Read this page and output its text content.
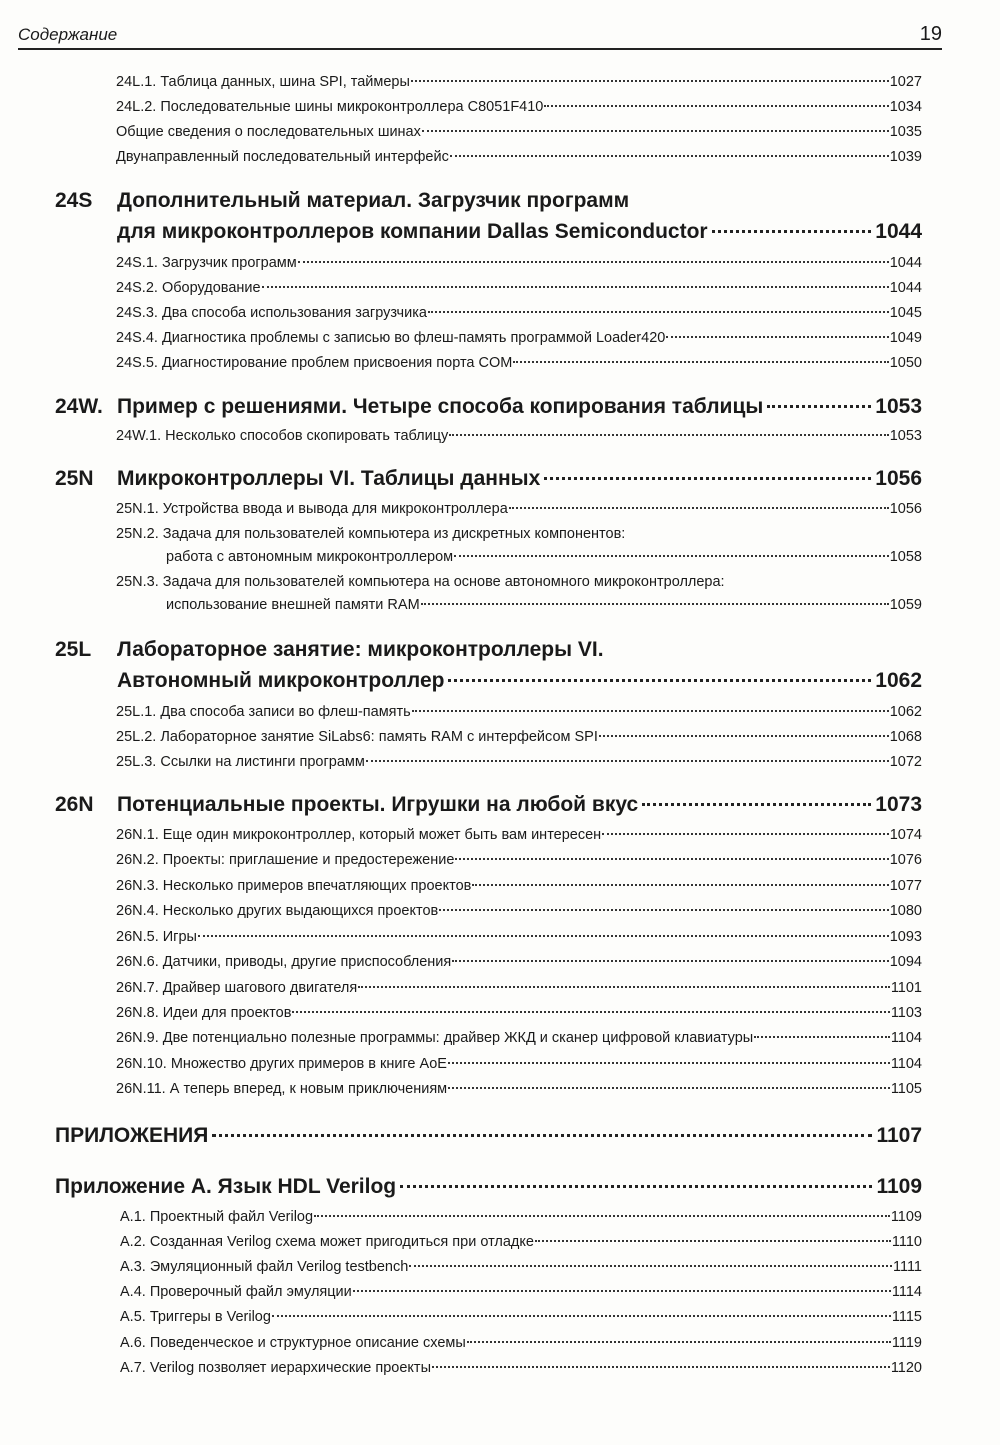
Содержание	19
24L.1. Таблица данных, шина SPI, таймеры	1027
24L.2. Последовательные шины микроконтроллера C8051F410	1034
Общие сведения о последовательных шинах	1035
Двунаправленный последовательный интерфейс	1039
24S	Дополнительный материал. Загрузчик программ
для микроконтроллеров компании Dallas Semiconductor	1044
24S.1. Загрузчик программ	1044
24S.2. Оборудование	1044
24S.3. Два способа использования загрузчика	1045
24S.4. Диагностика проблемы с записью во флеш-память программой Loader420	1049
24S.5. Диагностирование проблем присвоения порта COM	1050
24W. Пример с решениями. Четыре способа копирования таблицы	1053
24W.1. Несколько способов скопировать таблицу	1053
25N	Микроконтроллеры VI. Таблицы данных	1056
25N.1. Устройства ввода и вывода для микроконтроллера	1056
25N.2. Задача для пользователей компьютера из дискретных компонентов:
работа с автономным микроконтроллером	1058
25N.3. Задача для пользователей компьютера на основе автономного микроконтроллера:
использование внешней памяти RAM	1059
25L	Лабораторное занятие: микроконтроллеры VI.
Автономный микроконтроллер	1062
25L.1. Два способа записи во флеш-память	1062
25L.2. Лабораторное занятие SiLabs6: память RAM с интерфейсом SPI	1068
25L.3. Ссылки на листинги программ	1072
26N	Потенциальные проекты. Игрушки на любой вкус	1073
26N.1. Еще один микроконтроллер, который может быть вам интересен	1074
26N.2. Проекты: приглашение и предостережение	1076
26N.3. Несколько примеров впечатляющих проектов	1077
26N.4. Несколько других выдающихся проектов	1080
26N.5. Игры	1093
26N.6. Датчики, приводы, другие приспособления	1094
26N.7. Драйвер шагового двигателя	1101
26N.8. Идеи для проектов	1103
26N.9. Две потенциально полезные программы: драйвер ЖКД и сканер цифровой клавиатуры	1104
26N.10. Множество других примеров в книге AoE	1104
26N.11. А теперь вперед, к новым приключениям	1105
ПРИЛОЖЕНИЯ	1107
Приложение А. Язык HDL Verilog	1109
A.1. Проектный файл Verilog	1109
A.2. Созданная Verilog схема может пригодиться при отладке	1110
A.3. Эмуляционный файл Verilog testbench	1111
A.4. Проверочный файл эмуляции	1114
A.5. Триггеры в Verilog	1115
A.6. Поведенческое и структурное описание схемы	1119
A.7. Verilog позволяет иерархические проекты	1120
